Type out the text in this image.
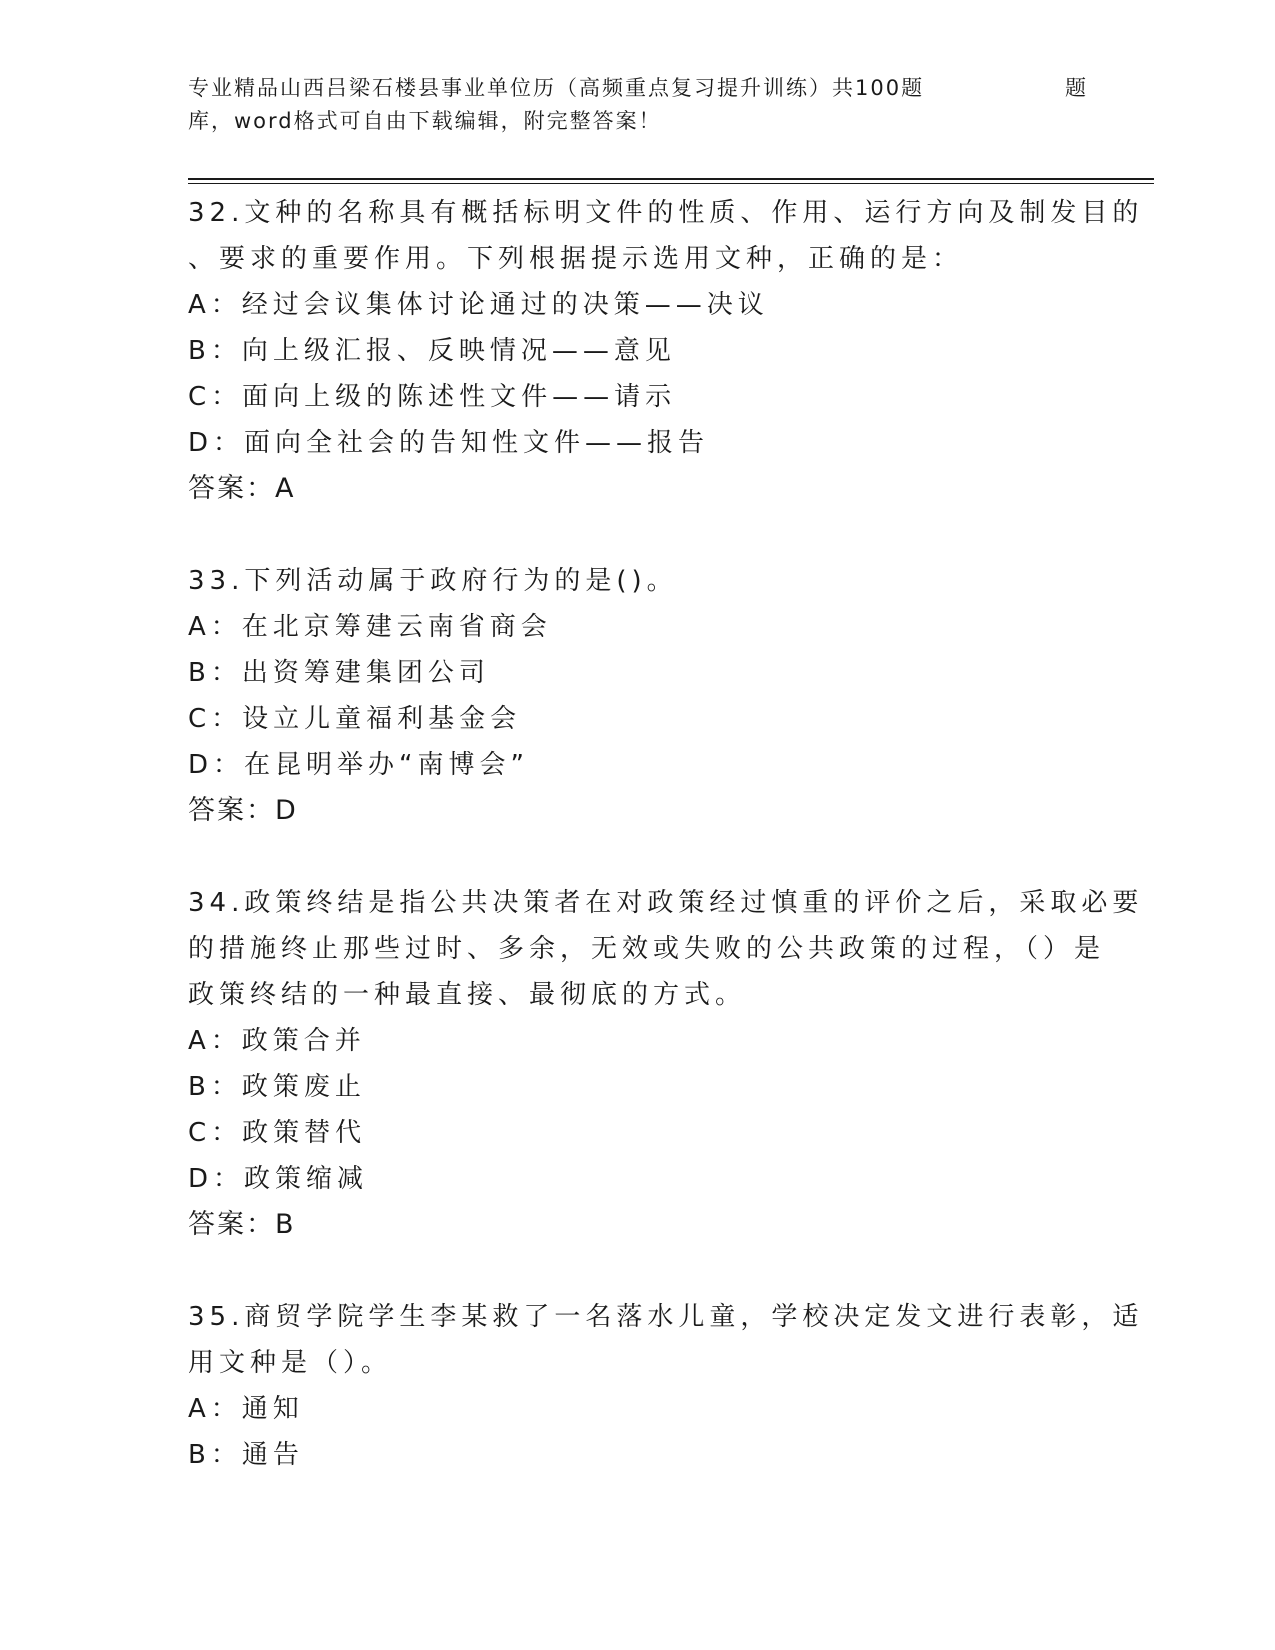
专业精品山西吕梁石楼县事业单位历（高频重点复习提升训练）共100题	题
库，word格式可自由下载编辑，附完整答案！
32.文种的名称具有概括标明文件的性质、作用、运行方向及制发目的
、要求的重要作用。下列根据提示选用文种，正确的是：
A：经过会议集体讨论通过的决策——决议
B：向上级汇报、反映情况——意见
C：面向上级的陈述性文件——请示
D：面向全社会的告知性文件——报告
答案：A
33.下列活动属于政府行为的是()。
A：在北京筹建云南省商会
B：出资筹建集团公司
C：设立儿童福利基金会
D：在昆明举办“南博会”
答案：D
34.政策终结是指公共决策者在对政策经过慎重的评价之后，采取必要
的措施终止那些过时、多余，无效或失败的公共政策的过程，（）是
政策终结的一种最直接、最彻底的方式。
A：政策合并
B：政策废止
C：政策替代
D：政策缩减
答案：B
35.商贸学院学生李某救了一名落水儿童，学校决定发文进行表彰，适
用文种是（）。
A：通知
B：通告
